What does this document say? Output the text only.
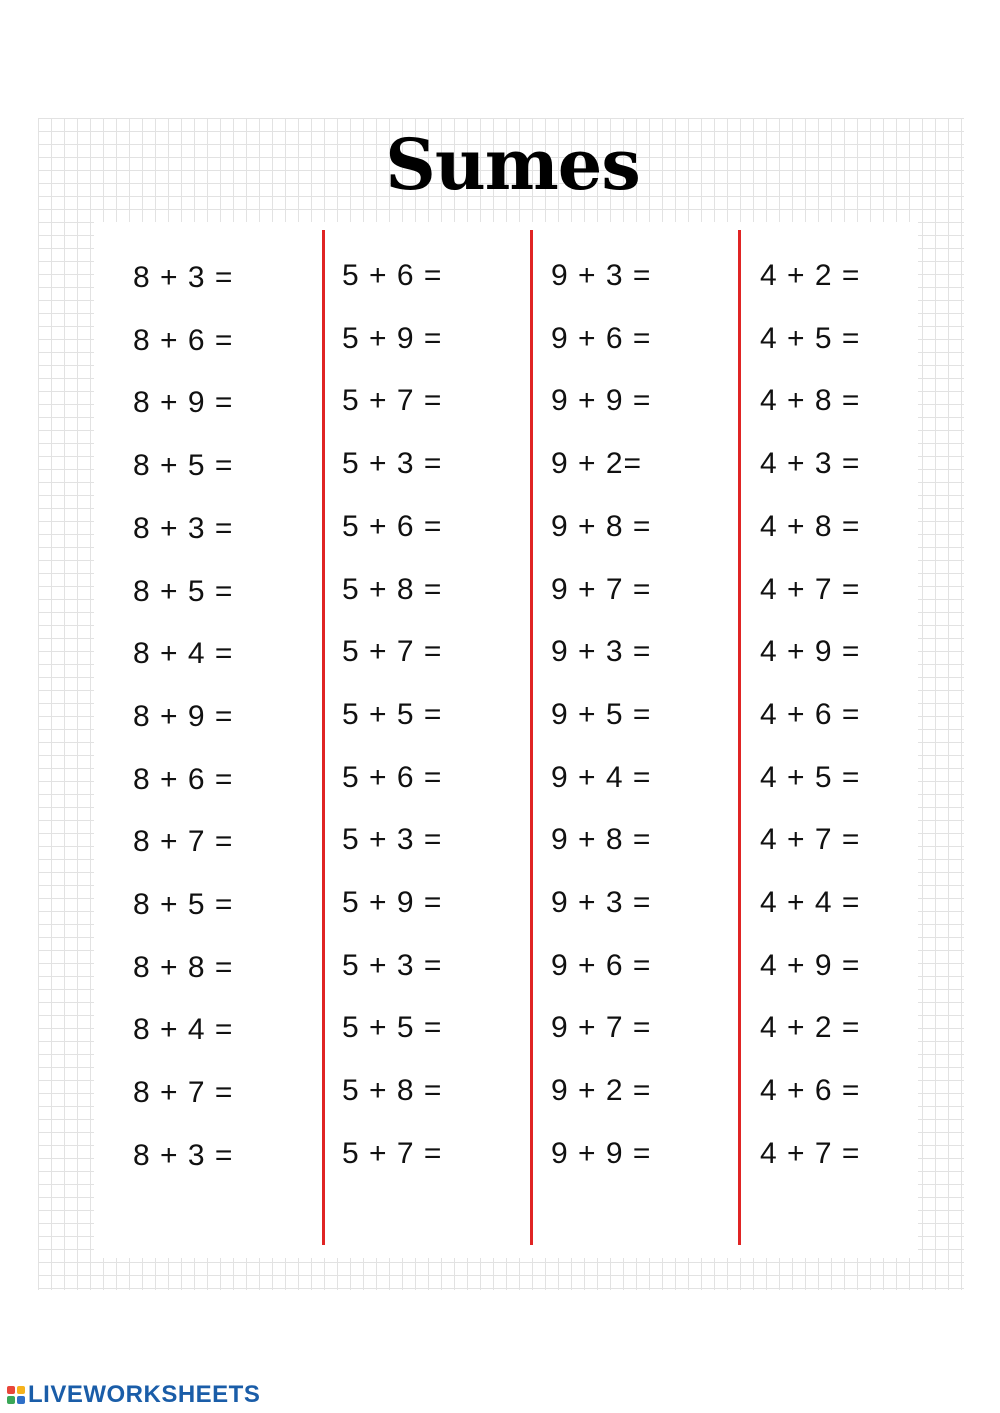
Sumes
8 + 3 =
8 + 6 =
8 + 9 =
8 + 5 =
8 + 3 =
8 + 5 =
8 + 4 =
8 + 9 =
8 + 6 =
8 + 7 =
8 + 5 =
8 + 8 =
8 + 4 =
8 + 7 =
8 + 3 =
5 + 6 =
5 + 9 =
5 + 7 =
5 + 3 =
5 + 6 =
5 + 8 =
5 + 7 =
5 + 5 =
5 + 6 =
5 + 3 =
5 + 9 =
5 + 3 =
5 + 5 =
5 + 8 =
5 + 7 =
9 + 3 =
9 + 6 =
9 + 9 =
9 + 2=
9 + 8 =
9 + 7 =
9 + 3 =
9 + 5 =
9 + 4 =
9 + 8 =
9 + 3 =
9 + 6 =
9 + 7 =
9 + 2 =
9 + 9 =
4 + 2 =
4 + 5 =
4 + 8 =
4 + 3 =
4 + 8 =
4 + 7 =
4 + 9 =
4 + 6 =
4 + 5 =
4 + 7 =
4 + 4 =
4 + 9 =
4 + 2 =
4 + 6 =
4 + 7 =
LIVEWORKSHEETS
